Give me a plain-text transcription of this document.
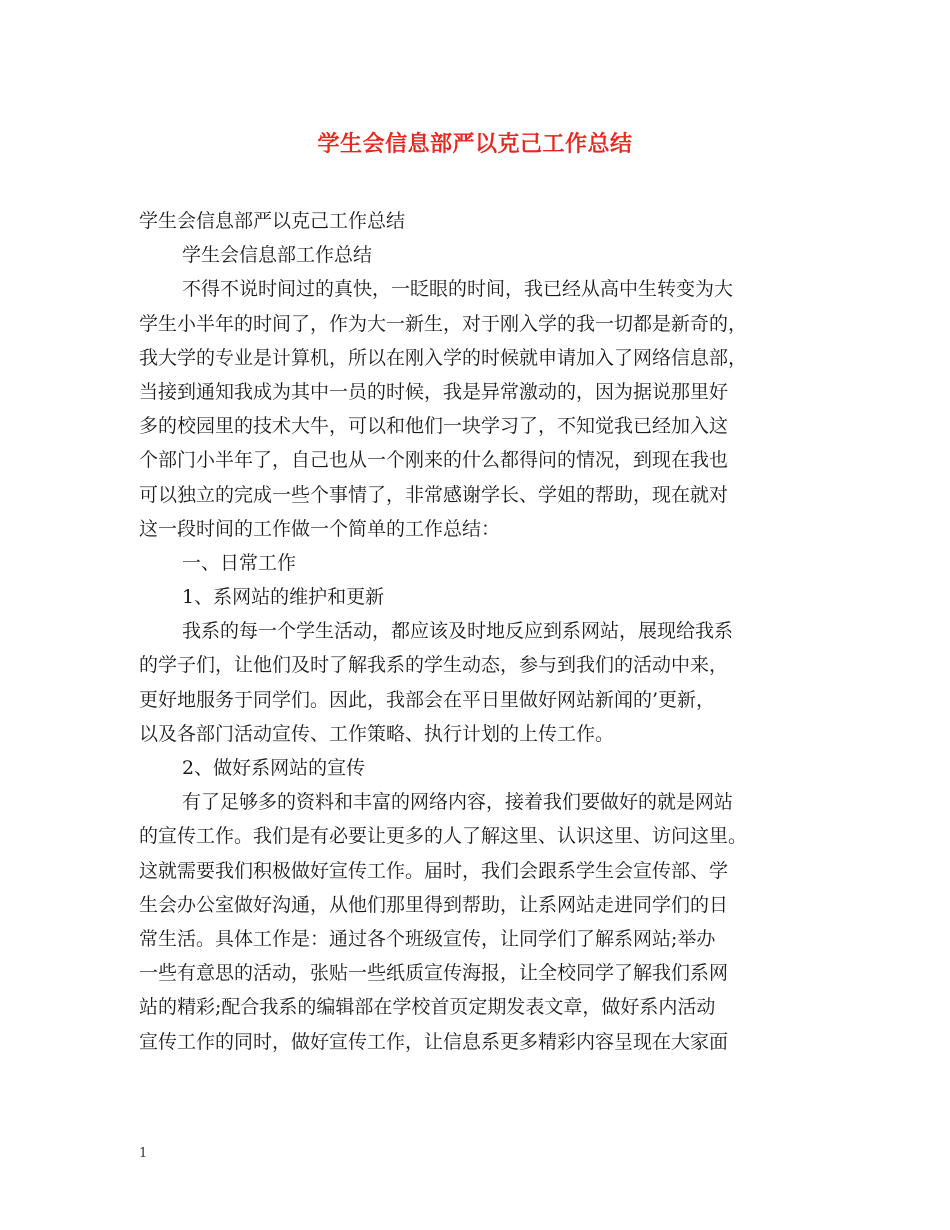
学生会信息部严以克己工作总结
学生会信息部严以克己工作总结
学生会信息部工作总结
不得不说时间过的真快，一眨眼的时间，我已经从高中生转变为大
学生小半年的时间了，作为大一新生，对于刚入学的我一切都是新奇的，
我大学的专业是计算机，所以在刚入学的时候就申请加入了网络信息部，
当接到通知我成为其中一员的时候，我是异常激动的，因为据说那里好
多的校园里的技术大牛，可以和他们一块学习了，不知觉我已经加入这
个部门小半年了，自己也从一个刚来的什么都得问的情况，到现在我也
可以独立的完成一些个事情了，非常感谢学长、学姐的帮助，现在就对
这一段时间的工作做一个简单的工作总结：
一、日常工作
1、系网站的维护和更新
我系的每一个学生活动，都应该及时地反应到系网站，展现给我系
的学子们，让他们及时了解我系的学生动态，参与到我们的活动中来，
更好地服务于同学们。因此，我部会在平日里做好网站新闻的’更新，
以及各部门活动宣传、工作策略、执行计划的上传工作。
2、做好系网站的宣传
有了足够多的资料和丰富的网络内容，接着我们要做好的就是网站
的宣传工作。我们是有必要让更多的人了解这里、认识这里、访问这里。
这就需要我们积极做好宣传工作。届时，我们会跟系学生会宣传部、学
生会办公室做好沟通，从他们那里得到帮助，让系网站走进同学们的日
常生活。具体工作是：通过各个班级宣传，让同学们了解系网站;举办
一些有意思的活动，张贴一些纸质宣传海报，让全校同学了解我们系网
站的精彩;配合我系的编辑部在学校首页定期发表文章，做好系内活动
宣传工作的同时，做好宣传工作，让信息系更多精彩内容呈现在大家面
1
